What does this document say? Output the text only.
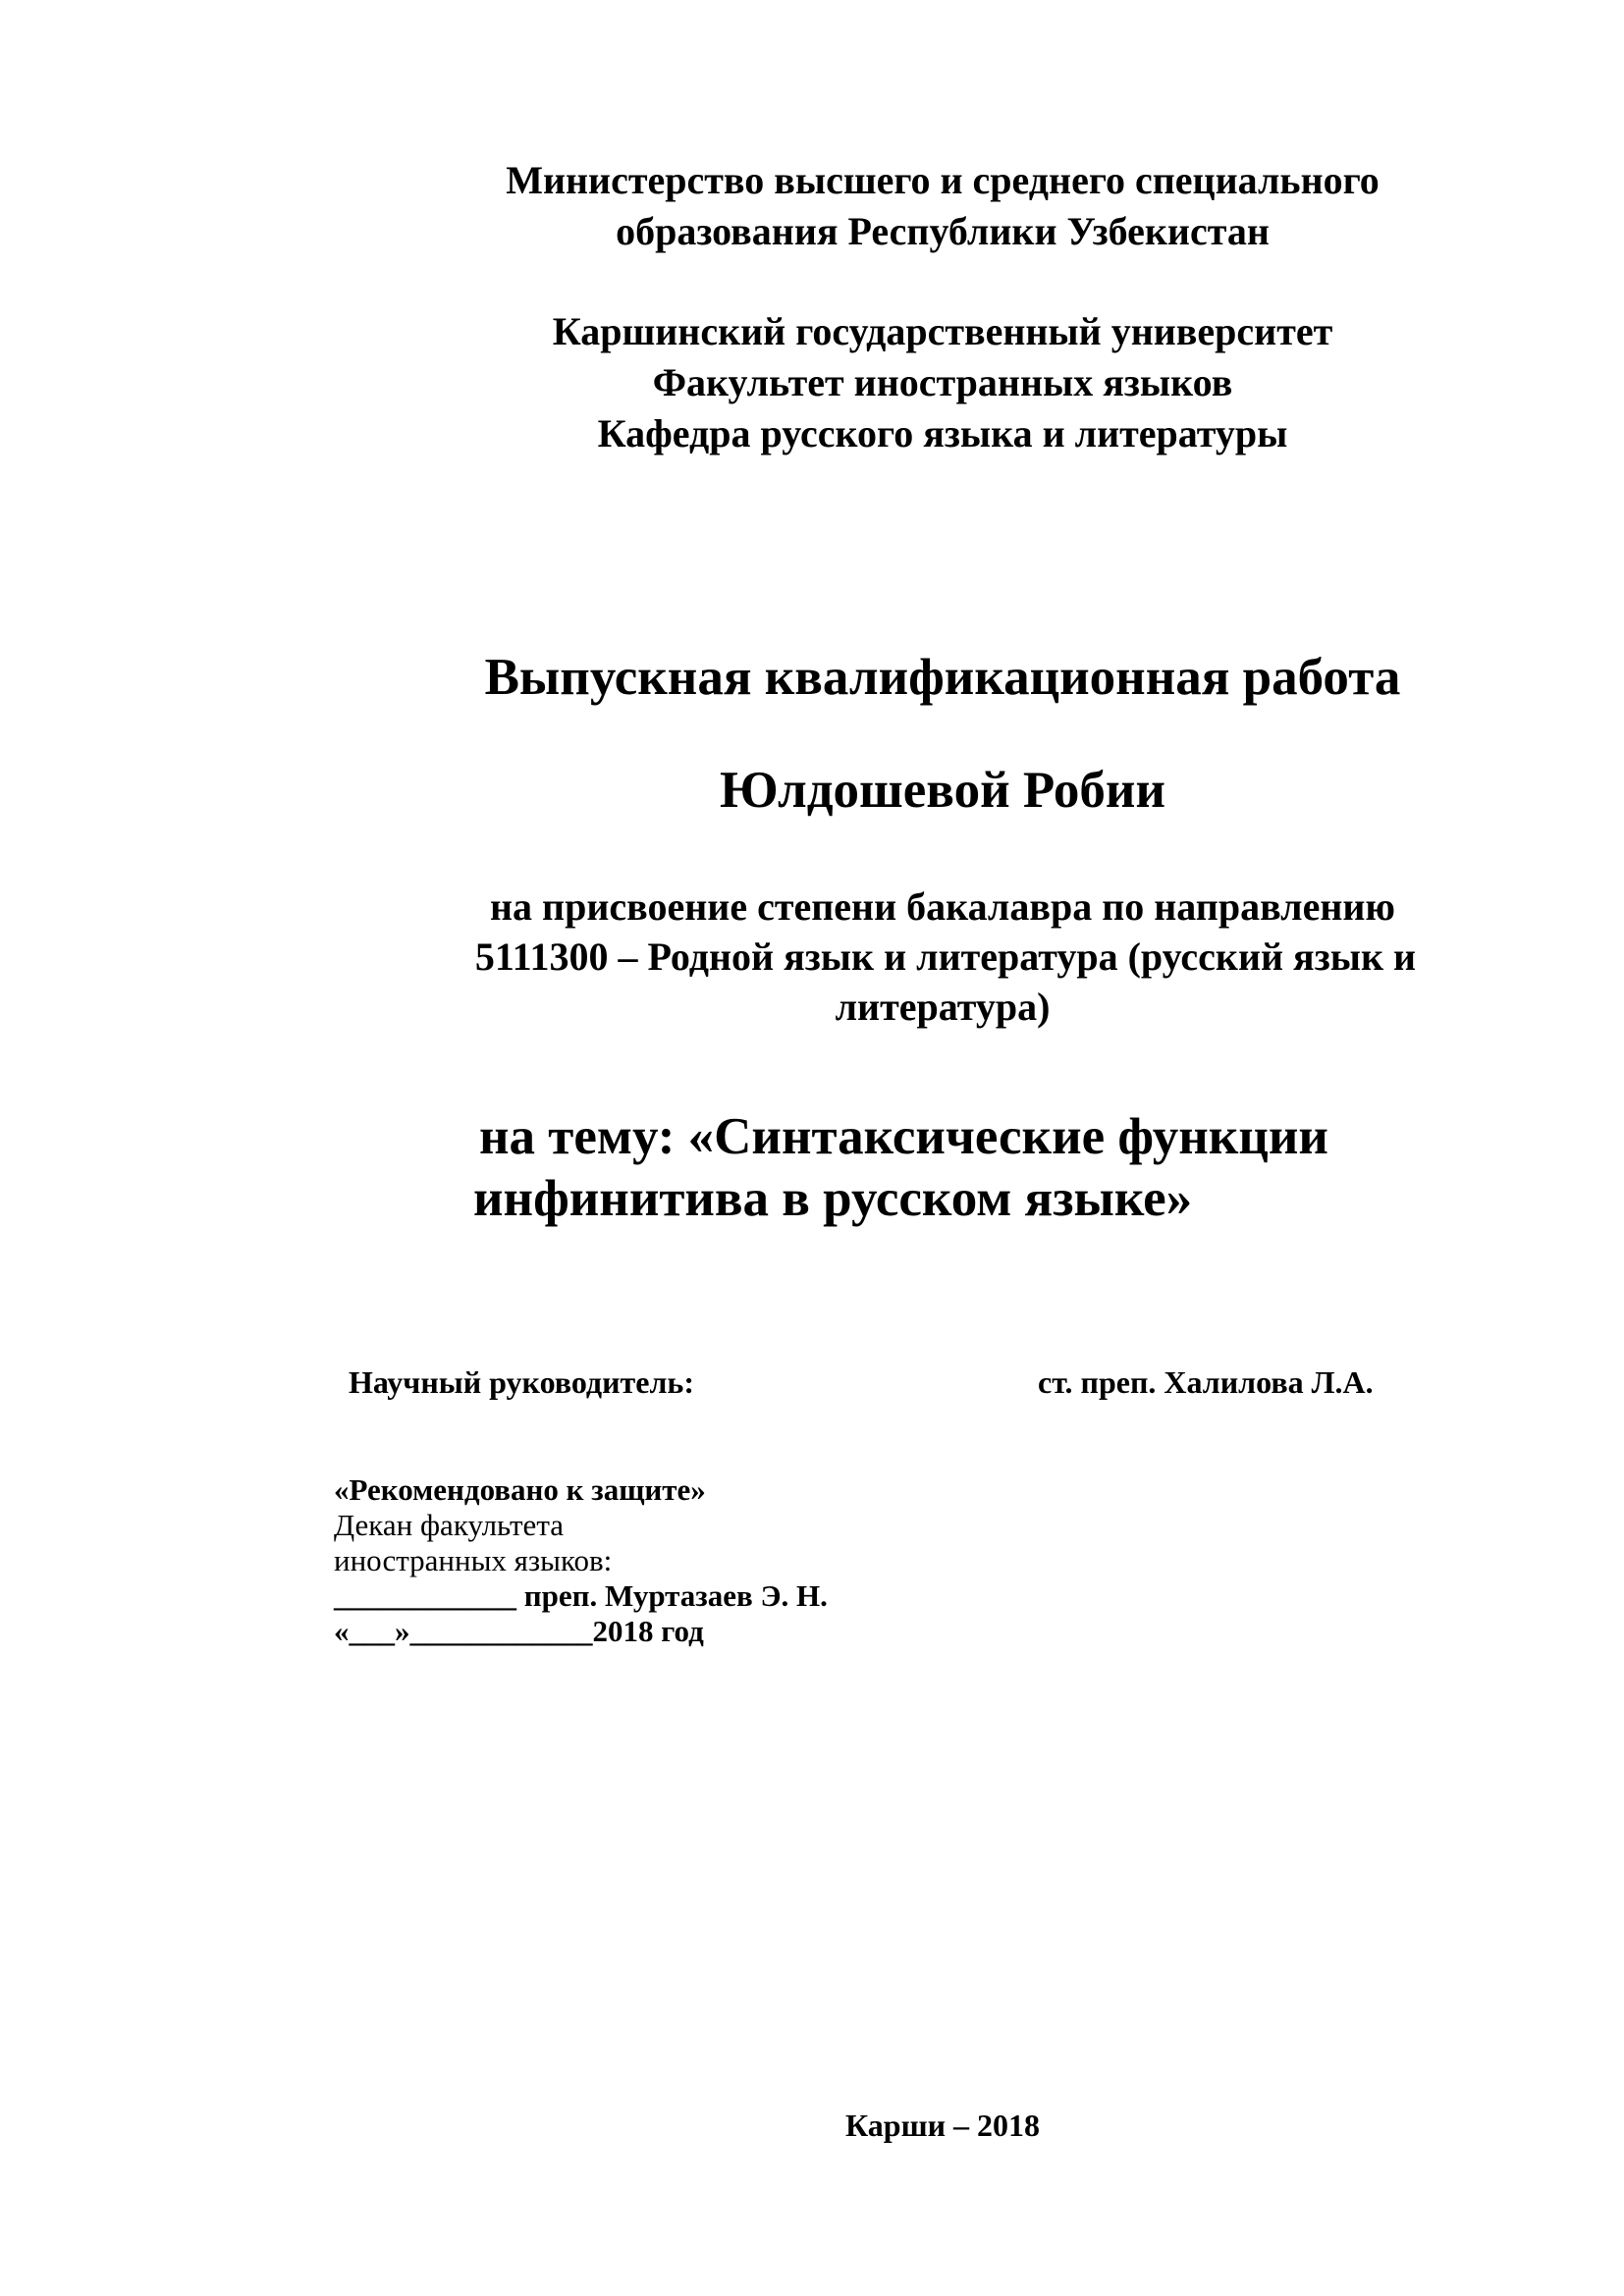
Министерство высшего и среднего специального
образования Республики Узбекистан
Каршинский государственный университет
Факультет иностранных языков
Кафедра русского языка и литературы
Выпускная квалификационная работа
Юлдошевой Робии
на присвоение степени бакалавра по направлению
5111300 – Родной язык и литература (русский язык и
литература)
на тему: «Синтаксические функции
инфинитива в русском языке»
Научный руководитель:	ст. преп. Халилова Л.А.
«Рекомендовано к защите»
Декан факультета
иностранных языков:
____________ преп. Муртазаев Э. Н.
«___»____________2018 год
Карши – 2018
